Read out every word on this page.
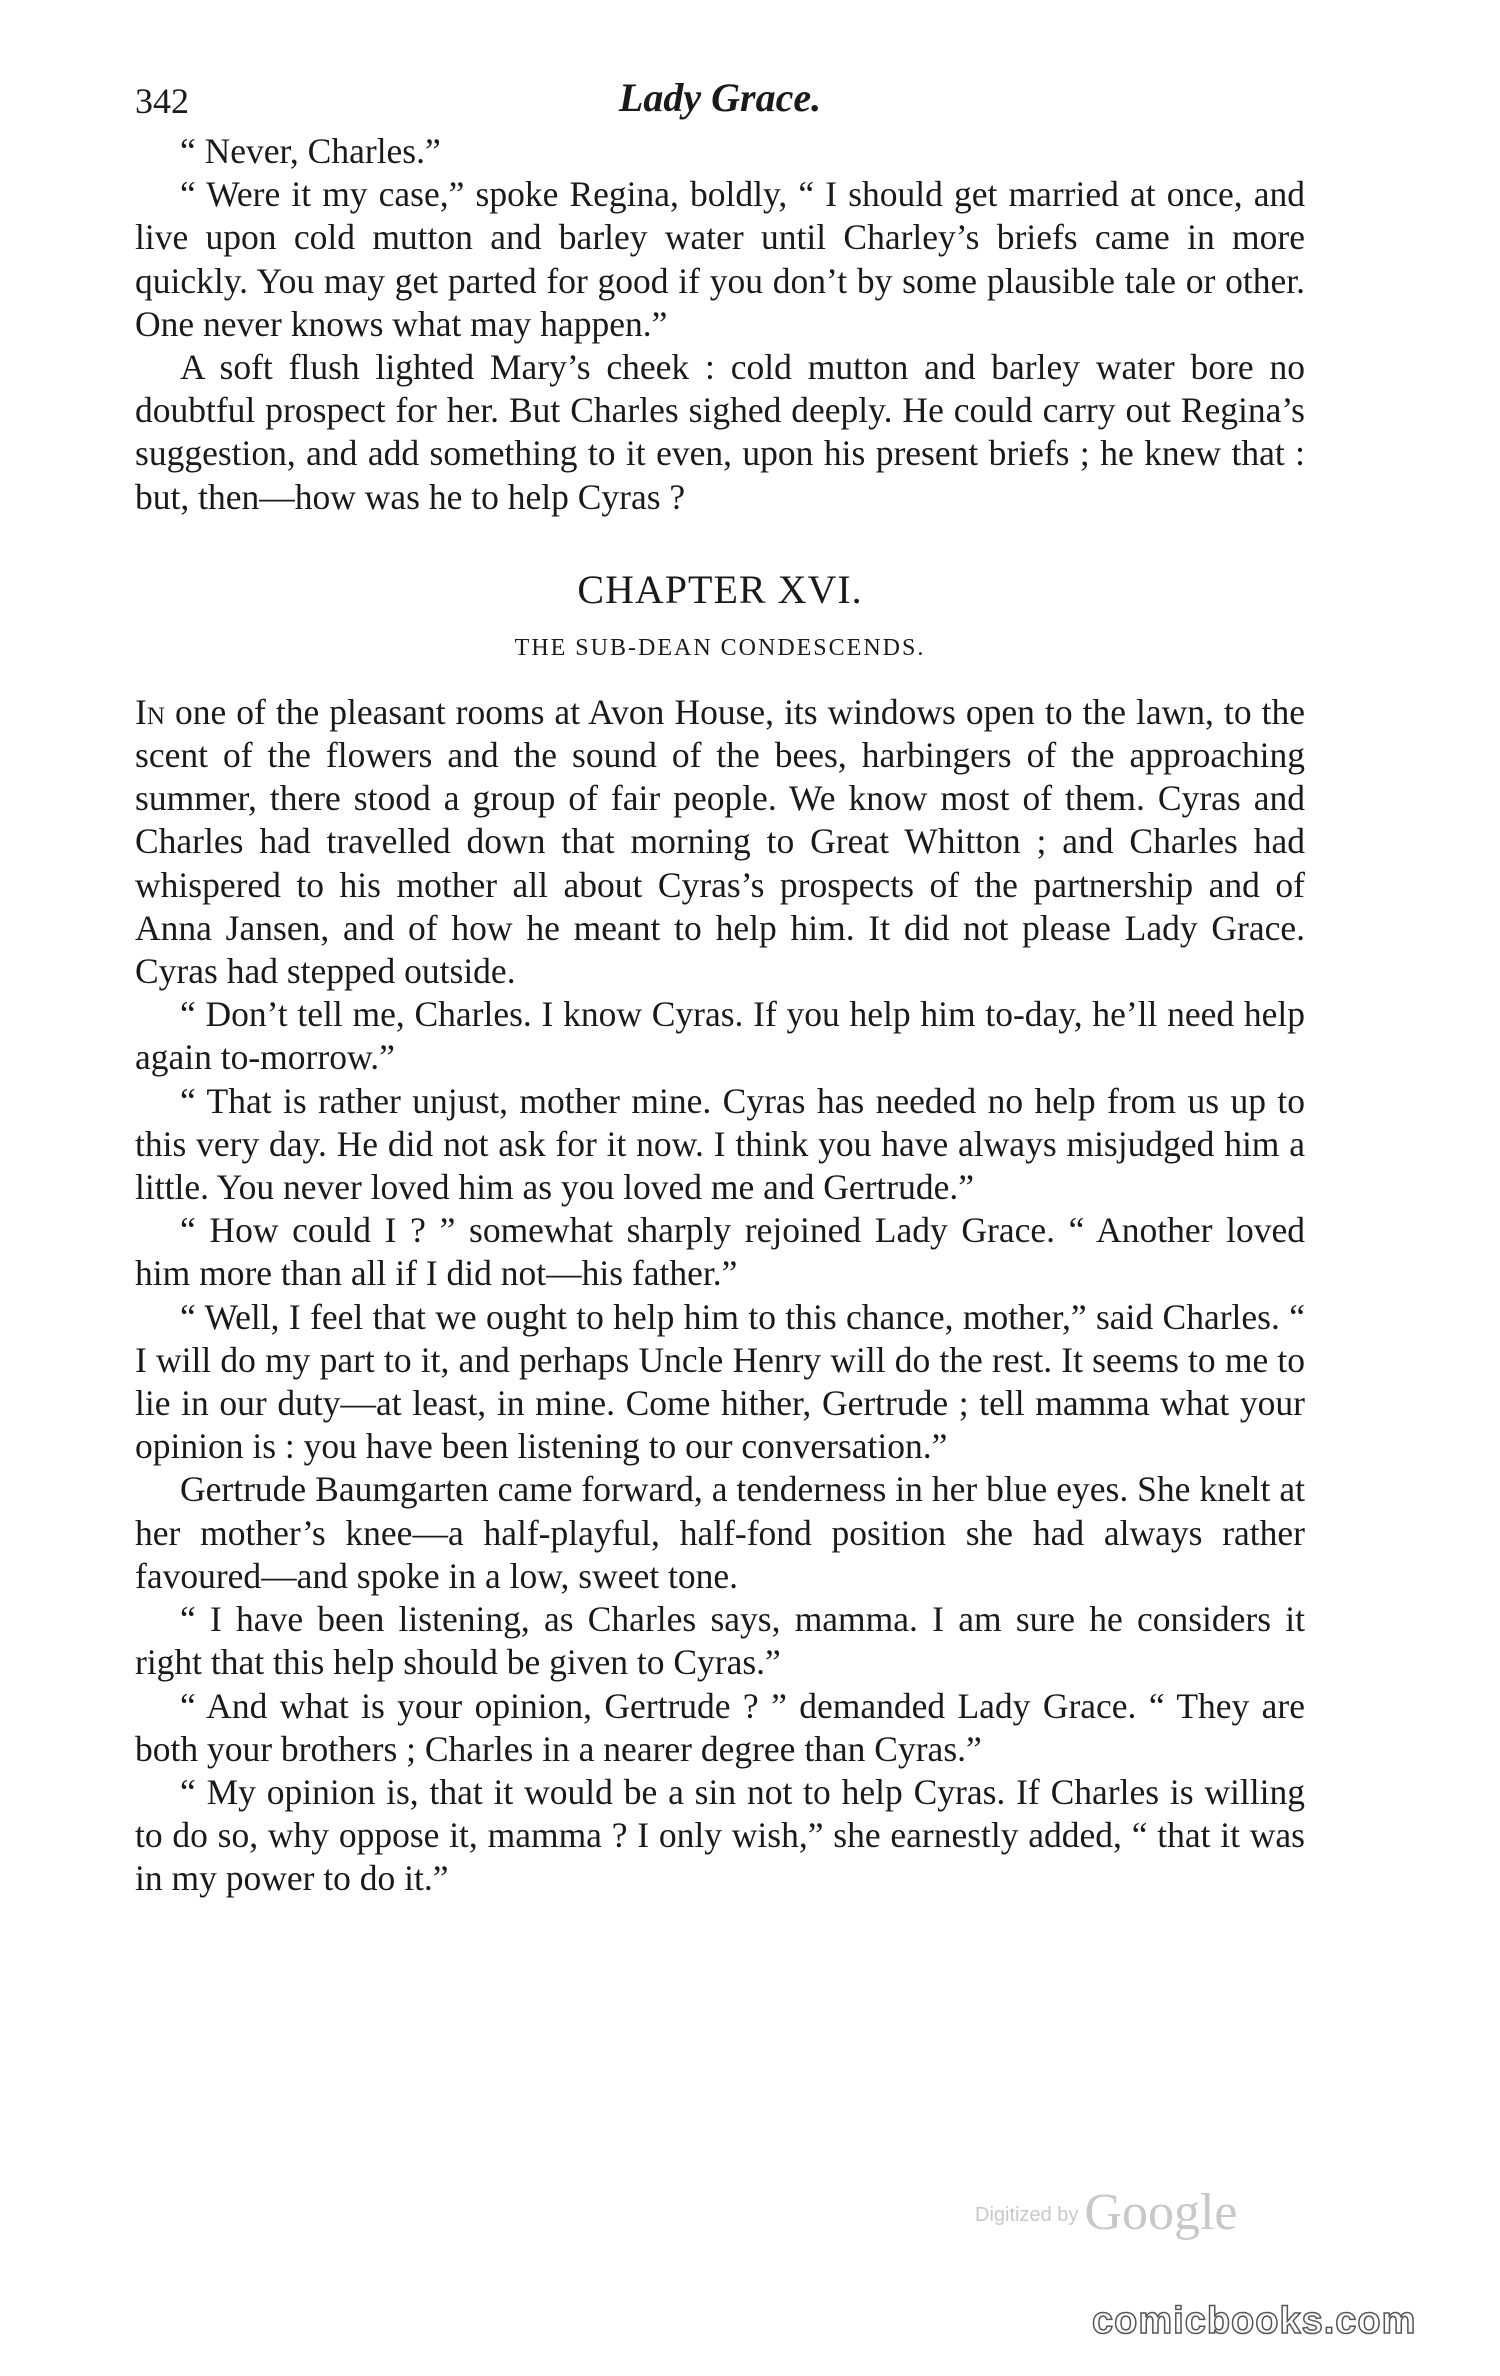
342	Lady Grace.

“ Never, Charles.”

“ Were it my case,” spoke Regina, boldly, “ I should get married at once, and live upon cold mutton and barley water until Charley’s briefs came in more quickly. You may get parted for good if you don’t by some plausible tale or other. One never knows what may happen.”

A soft flush lighted Mary’s cheek : cold mutton and barley water bore no doubtful prospect for her. But Charles sighed deeply. He could carry out Regina’s suggestion, and add something to it even, upon his present briefs ; he knew that : but, then—how was he to help Cyras ?

CHAPTER XVI.
THE SUB-DEAN CONDESCENDS.

In one of the pleasant rooms at Avon House, its windows open to the lawn, to the scent of the flowers and the sound of the bees, harbingers of the approaching summer, there stood a group of fair people. We know most of them. Cyras and Charles had travelled down that morning to Great Whitton ; and Charles had whispered to his mother all about Cyras’s prospects of the partnership and of Anna Jansen, and of how he meant to help him. It did not please Lady Grace. Cyras had stepped outside.

“ Don’t tell me, Charles. I know Cyras. If you help him to-day, he’ll need help again to-morrow.”

“ That is rather unjust, mother mine. Cyras has needed no help from us up to this very day. He did not ask for it now. I think you have always misjudged him a little. You never loved him as you loved me and Gertrude.”

“ How could I ? ” somewhat sharply rejoined Lady Grace. “ Another loved him more than all if I did not—his father.”

“ Well, I feel that we ought to help him to this chance, mother,” said Charles. “ I will do my part to it, and perhaps Uncle Henry will do the rest. It seems to me to lie in our duty—at least, in mine. Come hither, Gertrude ; tell mamma what your opinion is : you have been listening to our conversation.”

Gertrude Baumgarten came forward, a tenderness in her blue eyes. She knelt at her mother’s knee—a half-playful, half-fond position she had always rather favoured—and spoke in a low, sweet tone.

“ I have been listening, as Charles says, mamma. I am sure he considers it right that this help should be given to Cyras.”

“ And what is your opinion, Gertrude ? ” demanded Lady Grace. “ They are both your brothers ; Charles in a nearer degree than Cyras.”

“ My opinion is, that it would be a sin not to help Cyras. If Charles is willing to do so, why oppose it, mamma ? I only wish,” she earnestly added, “ that it was in my power to do it.”

Digitized by Google
comicbooks.com
